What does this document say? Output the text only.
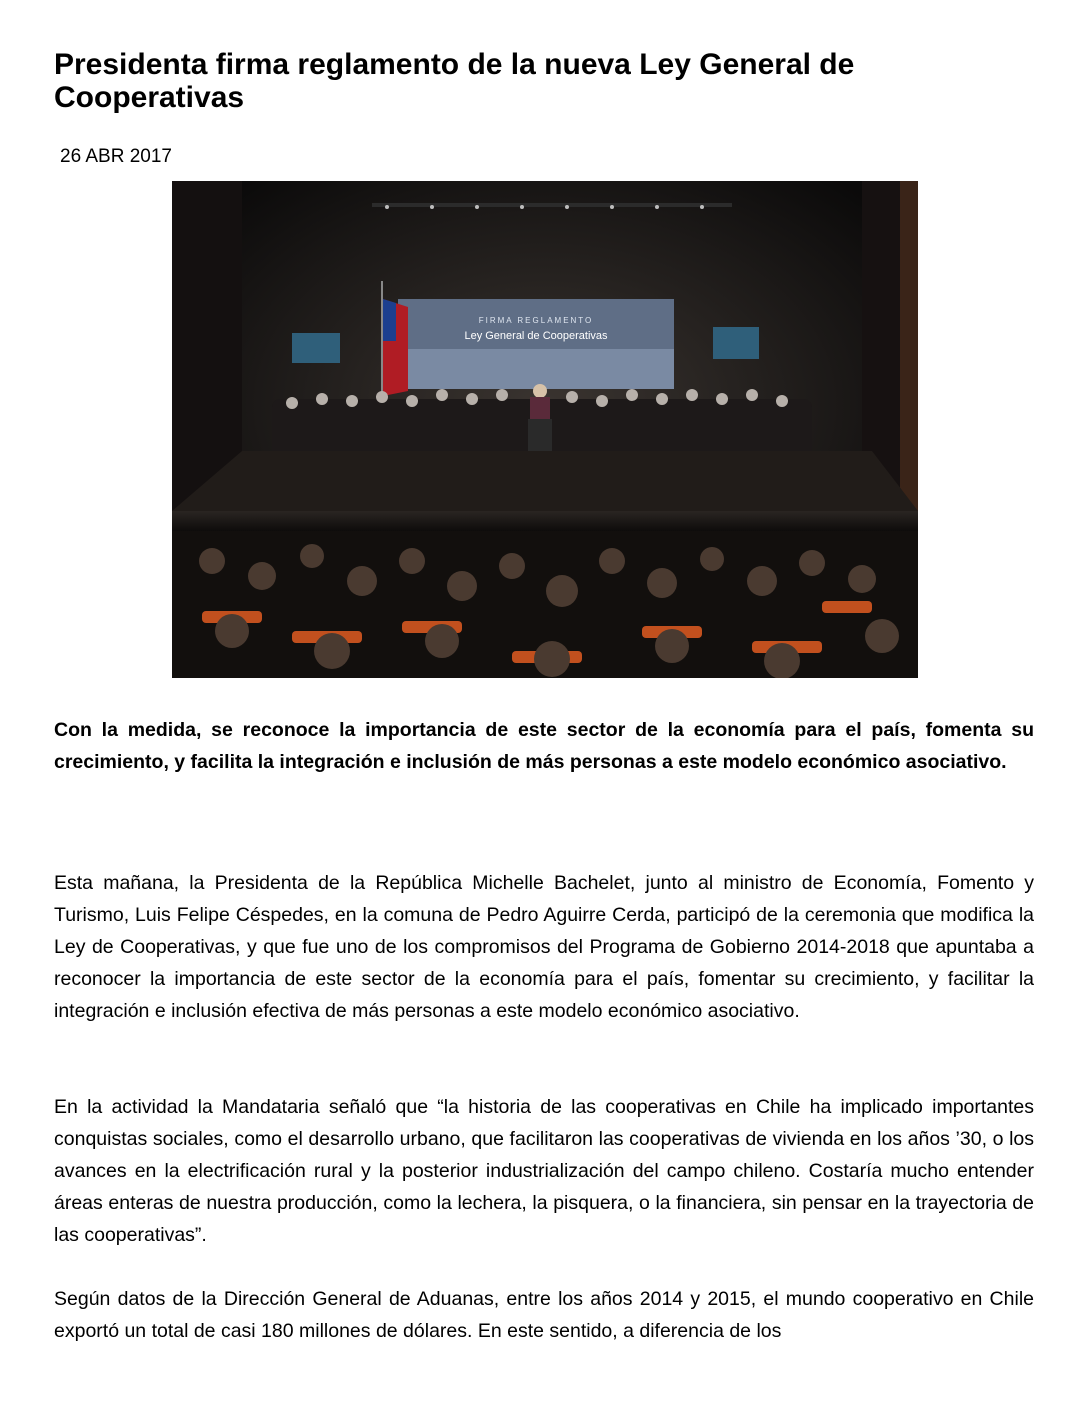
Presidenta firma reglamento de la nueva Ley General de Cooperativas
26 ABR 2017
FIRMA REGLAMENTO
Ley General de Cooperativas

Con la medida, se reconoce la importancia de este sector de la economía para el país, fomenta su crecimiento, y facilita la integración e inclusión de más personas a este modelo económico asociativo.

Esta mañana, la Presidenta de la República Michelle Bachelet, junto al ministro de Economía, Fomento y Turismo, Luis Felipe Céspedes, en la comuna de Pedro Aguirre Cerda, participó de la ceremonia que modifica la Ley de Cooperativas, y que fue uno de los compromisos del Programa de Gobierno 2014-2018 que apuntaba a reconocer la importancia de este sector de la economía para el país, fomentar su crecimiento, y facilitar la integración e inclusión efectiva de más personas a este modelo económico asociativo.

En la actividad la Mandataria señaló que “la historia de las cooperativas en Chile ha implicado importantes conquistas sociales, como el desarrollo urbano, que facilitaron las cooperativas de vivienda en los años ’30, o los avances en la electrificación rural y la posterior industrialización del campo chileno. Costaría mucho entender áreas enteras de nuestra producción, como la lechera, la pisquera, o la financiera, sin pensar en la trayectoria de las cooperativas”.

Según datos de la Dirección General de Aduanas, entre los años 2014 y 2015, el mundo cooperativo en Chile exportó un total de casi 180 millones de dólares. En este sentido, a diferencia de los
